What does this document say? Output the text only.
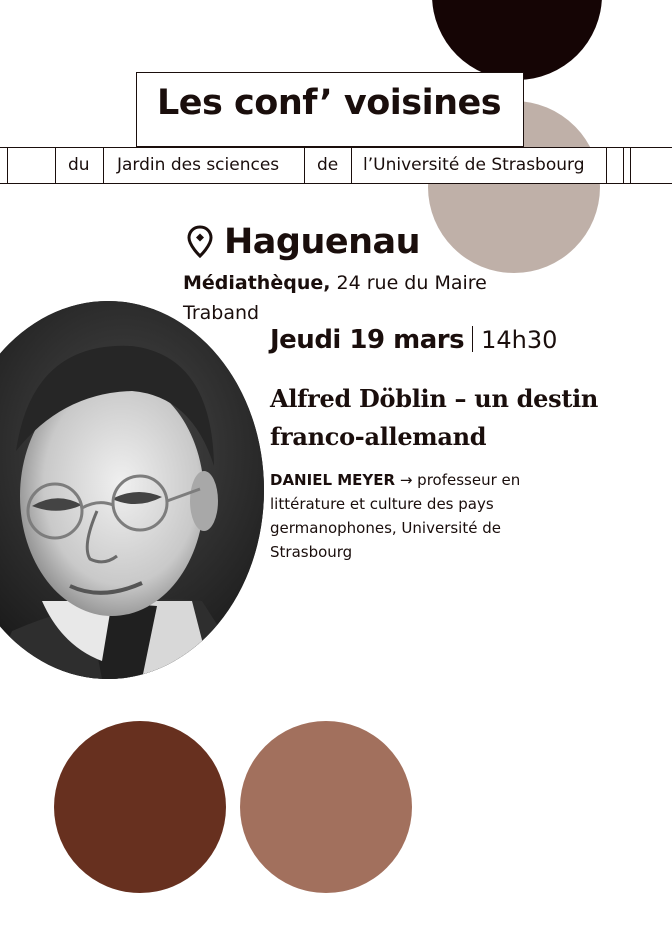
du Jardin des sciences de l’Université de Strasbourg
Les conf’ voisines
Haguenau
Médiathèque, 24 rue du Maire Traband
Jeudi 19 mars 14h30
Alfred Döblin – un destin franco-allemand
DANIEL MEYER → professeur en littérature et culture des pays germanophones, Université de Strasbourg
